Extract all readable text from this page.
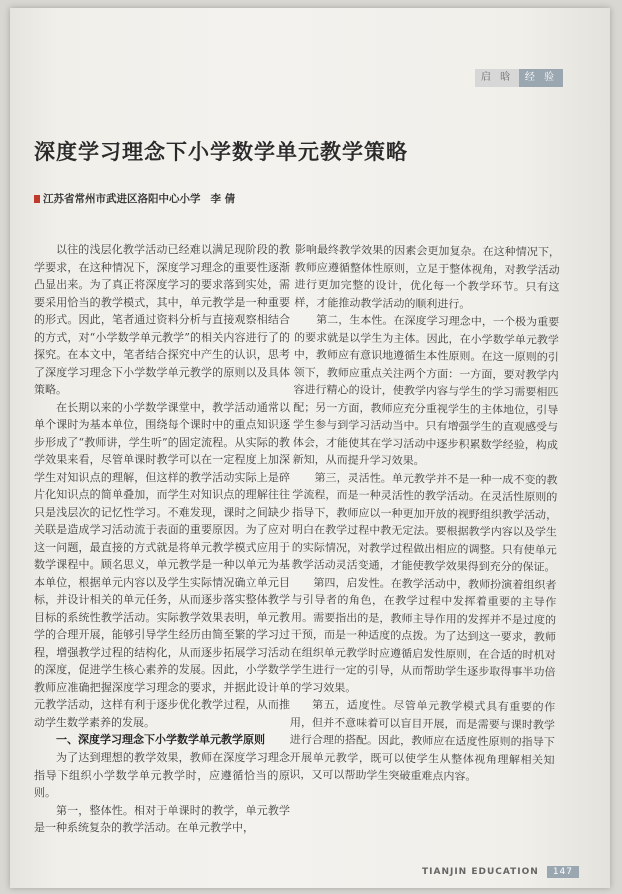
启 晗	经 验
深度学习理念下小学数学单元教学策略
江苏省常州市武进区洛阳中心小学 李 倩

以往的浅层化教学活动已经难以满足现阶段的教学要求，在这种情况下，深度学习理念的重要性逐渐凸显出来。为了真正将深度学习的要求落到实处，需要采用恰当的教学模式，其中，单元教学是一种重要的形式。因此，笔者通过资料分析与直接观察相结合的方式，对“小学数学单元教学”的相关内容进行了的探究。在本文中，笔者结合探究中产生的认识，思考了深度学习理念下小学数学单元教学的原则以及具体策略。

在长期以来的小学数学课堂中，教学活动通常以单个课时为基本单位，围绕每个课时中的重点知识逐步形成了“教师讲，学生听”的固定流程。从实际的教学效果来看，尽管单课时教学可以在一定程度上加深学生对知识点的理解，但这样的教学活动实际上是碎片化知识点的简单叠加，而学生对知识点的理解往往只是浅层次的记忆性学习。不难发现，课时之间缺少关联是造成学习活动流于表面的重要原因。为了应对这一问题，最直接的方式就是将单元教学模式应用于数学课程中。顾名思义，单元教学是一种以单元为基本单位，根据单元内容以及学生实际情况确立单元目标，并设计相关的单元任务，从而逐步落实整体教学目标的系统性教学活动。实际教学效果表明，单元教学的合理开展，能够引导学生经历由简至繁的学习过程，增强教学过程的结构化，从而逐步拓展学习活动的深度，促进学生核心素养的发展。因此，小学数学教师应准确把握深度学习理念的要求，并据此设计单元教学活动，这样有利于逐步优化教学过程，从而推动学生数学素养的发展。

一、深度学习理念下小学数学单元教学原则

为了达到理想的教学效果，教师在深度学习理念指导下组织小学数学单元教学时，应遵循恰当的原则。

第一，整体性。相对于单课时的教学，单元教学是一种系统复杂的教学活动。在单元教学中，

影响最终教学效果的因素会更加复杂。在这种情况下，教师应遵循整体性原则，立足于整体视角，对教学活动进行更加完整的设计，优化每一个教学环节。只有这样，才能推动教学活动的顺利进行。

第二，生本性。在深度学习理念中，一个极为重要的要求就是以学生为主体。因此，在小学数学单元教学中，教师应有意识地遵循生本性原则。在这一原则的引领下，教师应重点关注两个方面：一方面，要对教学内容进行精心的设计，使教学内容与学生的学习需要相匹配；另一方面，教师应充分重视学生的主体地位，引导学生参与到学习活动当中。只有增强学生的直观感受与体会，才能使其在学习活动中逐步积累数学经验，构成新知，从而提升学习效果。

第三，灵活性。单元教学并不是一种一成不变的教学流程，而是一种灵活性的教学活动。在灵活性原则的指导下，教师应以一种更加开放的视野组织教学活动，明白在教学过程中教无定法。要根据教学内容以及学生的实际情况，对教学过程做出相应的调整。只有使单元教学活动灵活变通，才能使教学效果得到充分的保证。

第四，启发性。在教学活动中，教师扮演着组织者与引导者的角色，在教学过程中发挥着重要的主导作用。需要指出的是，教师主导作用的发挥并不是过度的干预，而是一种适度的点拨。为了达到这一要求，教师在组织单元教学时应遵循启发性原则，在合适的时机对学生进行一定的引导，从而帮助学生逐步取得事半功倍的学习效果。

第五，适度性。尽管单元教学模式具有重要的作用，但并不意味着可以盲目开展，而是需要与课时教学进行合理的搭配。因此，教师应在适度性原则的指导下开展单元教学，既可以使学生从整体视角理解相关知识，又可以帮助学生突破重难点内容。

TIANJIN EDUCATION	147
